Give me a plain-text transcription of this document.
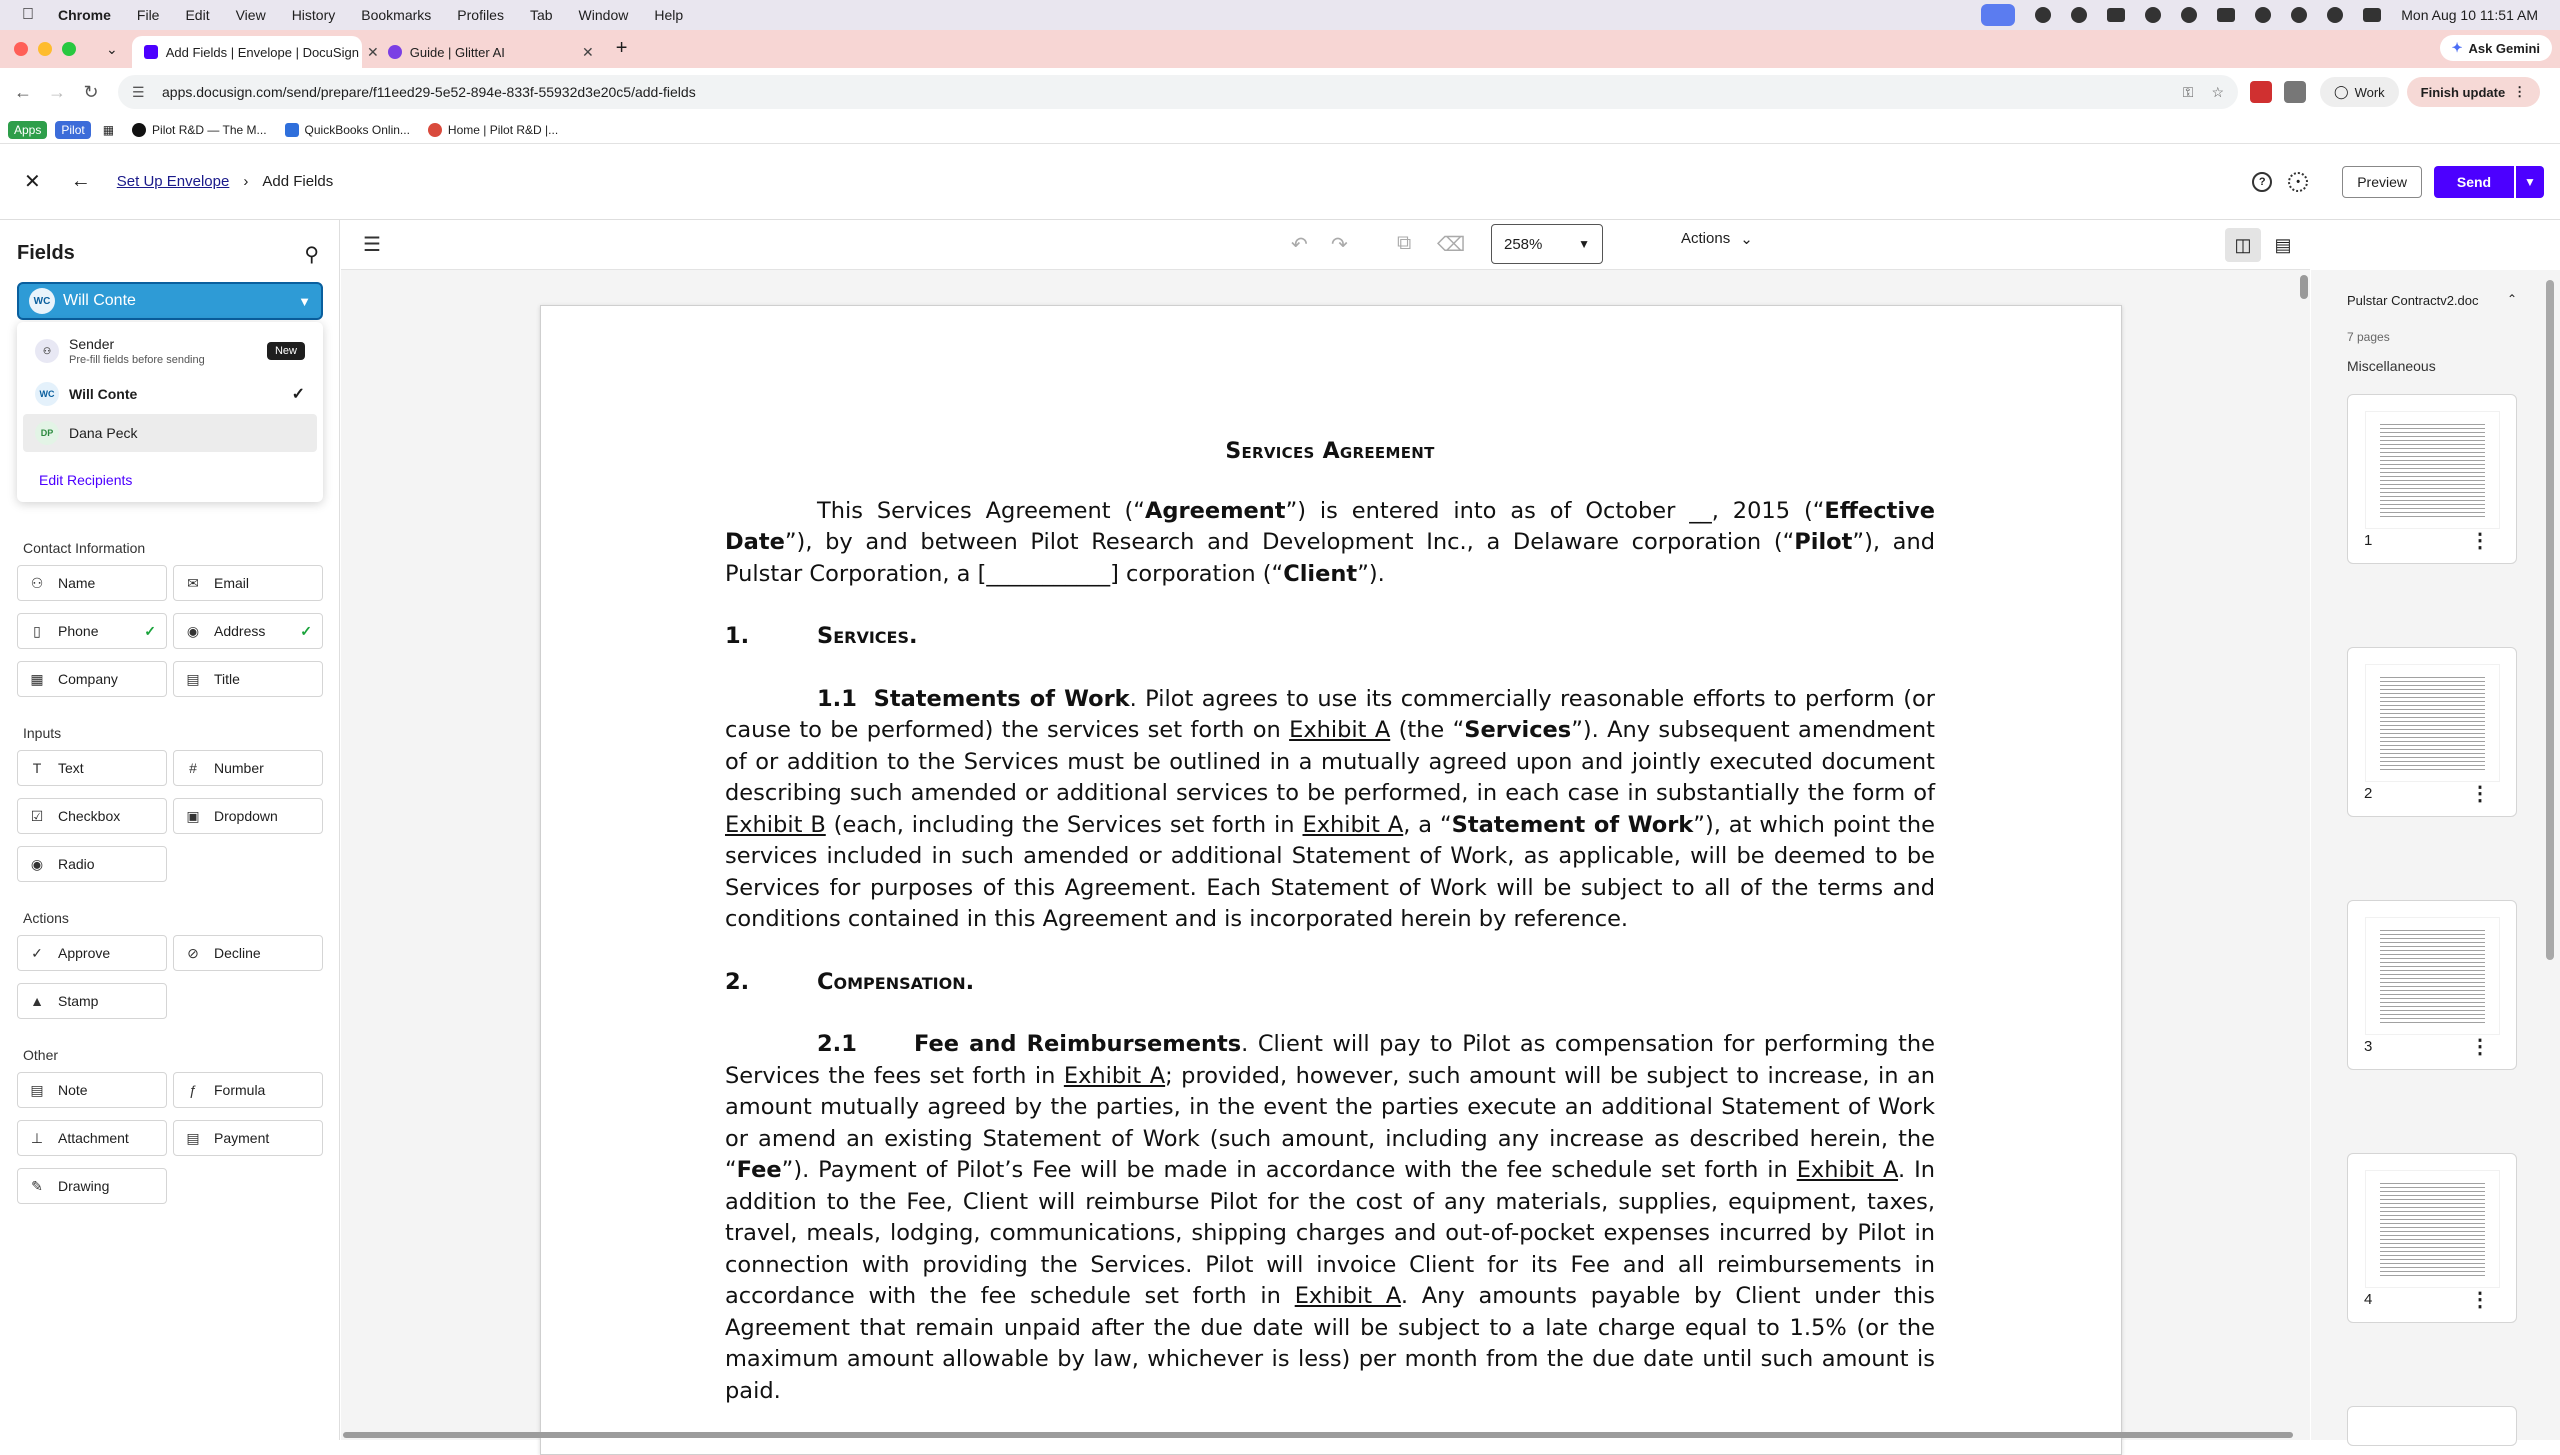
Chrome File Edit View History Bookmarks Profiles Tab Window Help	Mon Aug 10 11:51 AM
⌄	Add Fields | Envelope | DocuSign ✕ Guide | Glitter AI	✕ +	✦ Ask Gemini
← → ↻	☰ apps.docusign.com/send/prepare/f11eed29-5e52-894e-833f-55932d3e20c5/add-fields	⚿ ☆	◯ Work	Finish update ⋮
Apps	Pilot	▦	Pilot R&D — The M...	QuickBooks Onlin...	Home | Pilot R&D |...
✕ ← Set Up Envelope › Add Fields	?	•	Preview	Send	▼
Fields	⚲
WC Will Conte	▼
⚇	Sender
Pre-fill fields before sending
New
WC	Will Conte	✓
DP	Dana Peck
Edit Recipients
Contact Information
⚇ Name	✉ Email
▯	Phone	✓ ◉ Address ✓
▦ Company	▤ Title
Inputs
T	Text	#	Number
☑ Checkbox	▣ Dropdown
◉ Radio
Actions
✓ Approve	⊘ Decline
▲ Stamp
Other
▤ Note	ƒ	Formula
⊥ Attachment	▤ Payment
✎ Drawing
☰	↶ ↷ ⧉ ⌫	258%	▼	Actions ⌄	◫	▤
Services Agreement

This Services Agreement (“Agreement”) is entered into as of October __, 2015 (“Effective Date”), by and between Pilot Research and Development Inc., a Delaware corporation (“Pilot”), and Pulstar Corporation, a [___________] corporation (“Client”).

1.	Services.

1.1 Statements of Work. Pilot agrees to use its commercially reasonable efforts to perform (or cause to be performed) the services set forth on Exhibit A (the “Services”). Any subsequent amendment of or addition to the Services must be outlined in a mutually agreed upon and jointly executed document describing such amended or additional services to be performed, in each case in substantially the form of Exhibit B (each, including the Services set forth in Exhibit A, a “Statement of Work”), at which point the services included in such amended or additional Statement of Work, as applicable, will be deemed to be Services for purposes of this Agreement. Each Statement of Work will be subject to all of the terms and conditions contained in this Agreement and is incorporated herein by reference.

2.	Compensation.

2.1	Fee and Reimbursements. Client will pay to Pilot as compensation for performing the Services the fees set forth in Exhibit A; provided, however, such amount will be subject to increase, in an amount mutually agreed by the parties, in the event the parties execute an additional Statement of Work or amend an existing Statement of Work (such amount, including any increase as described herein, the “Fee”). Payment of Pilot’s Fee will be made in accordance with the fee schedule set forth in Exhibit A. In addition to the Fee, Client will reimburse Pilot for the cost of any materials, supplies, equipment, taxes, travel, meals, lodging, communications, shipping charges and out-of-pocket expenses incurred by Pilot in connection with providing the Services. Pilot will invoice Client for its Fee and all reimbursements in accordance with the fee schedule set forth in Exhibit A. Any amounts payable by Client under this Agreement that remain unpaid after the due date will be subject to a late charge equal to 1.5% (or the maximum amount allowable by law, whichever is less) per month from the due date until such amount is paid.

Pulstar Contractv2.doc	⌃
7 pages
Miscellaneous
1	⋮
2	⋮
3	⋮
4	⋮
